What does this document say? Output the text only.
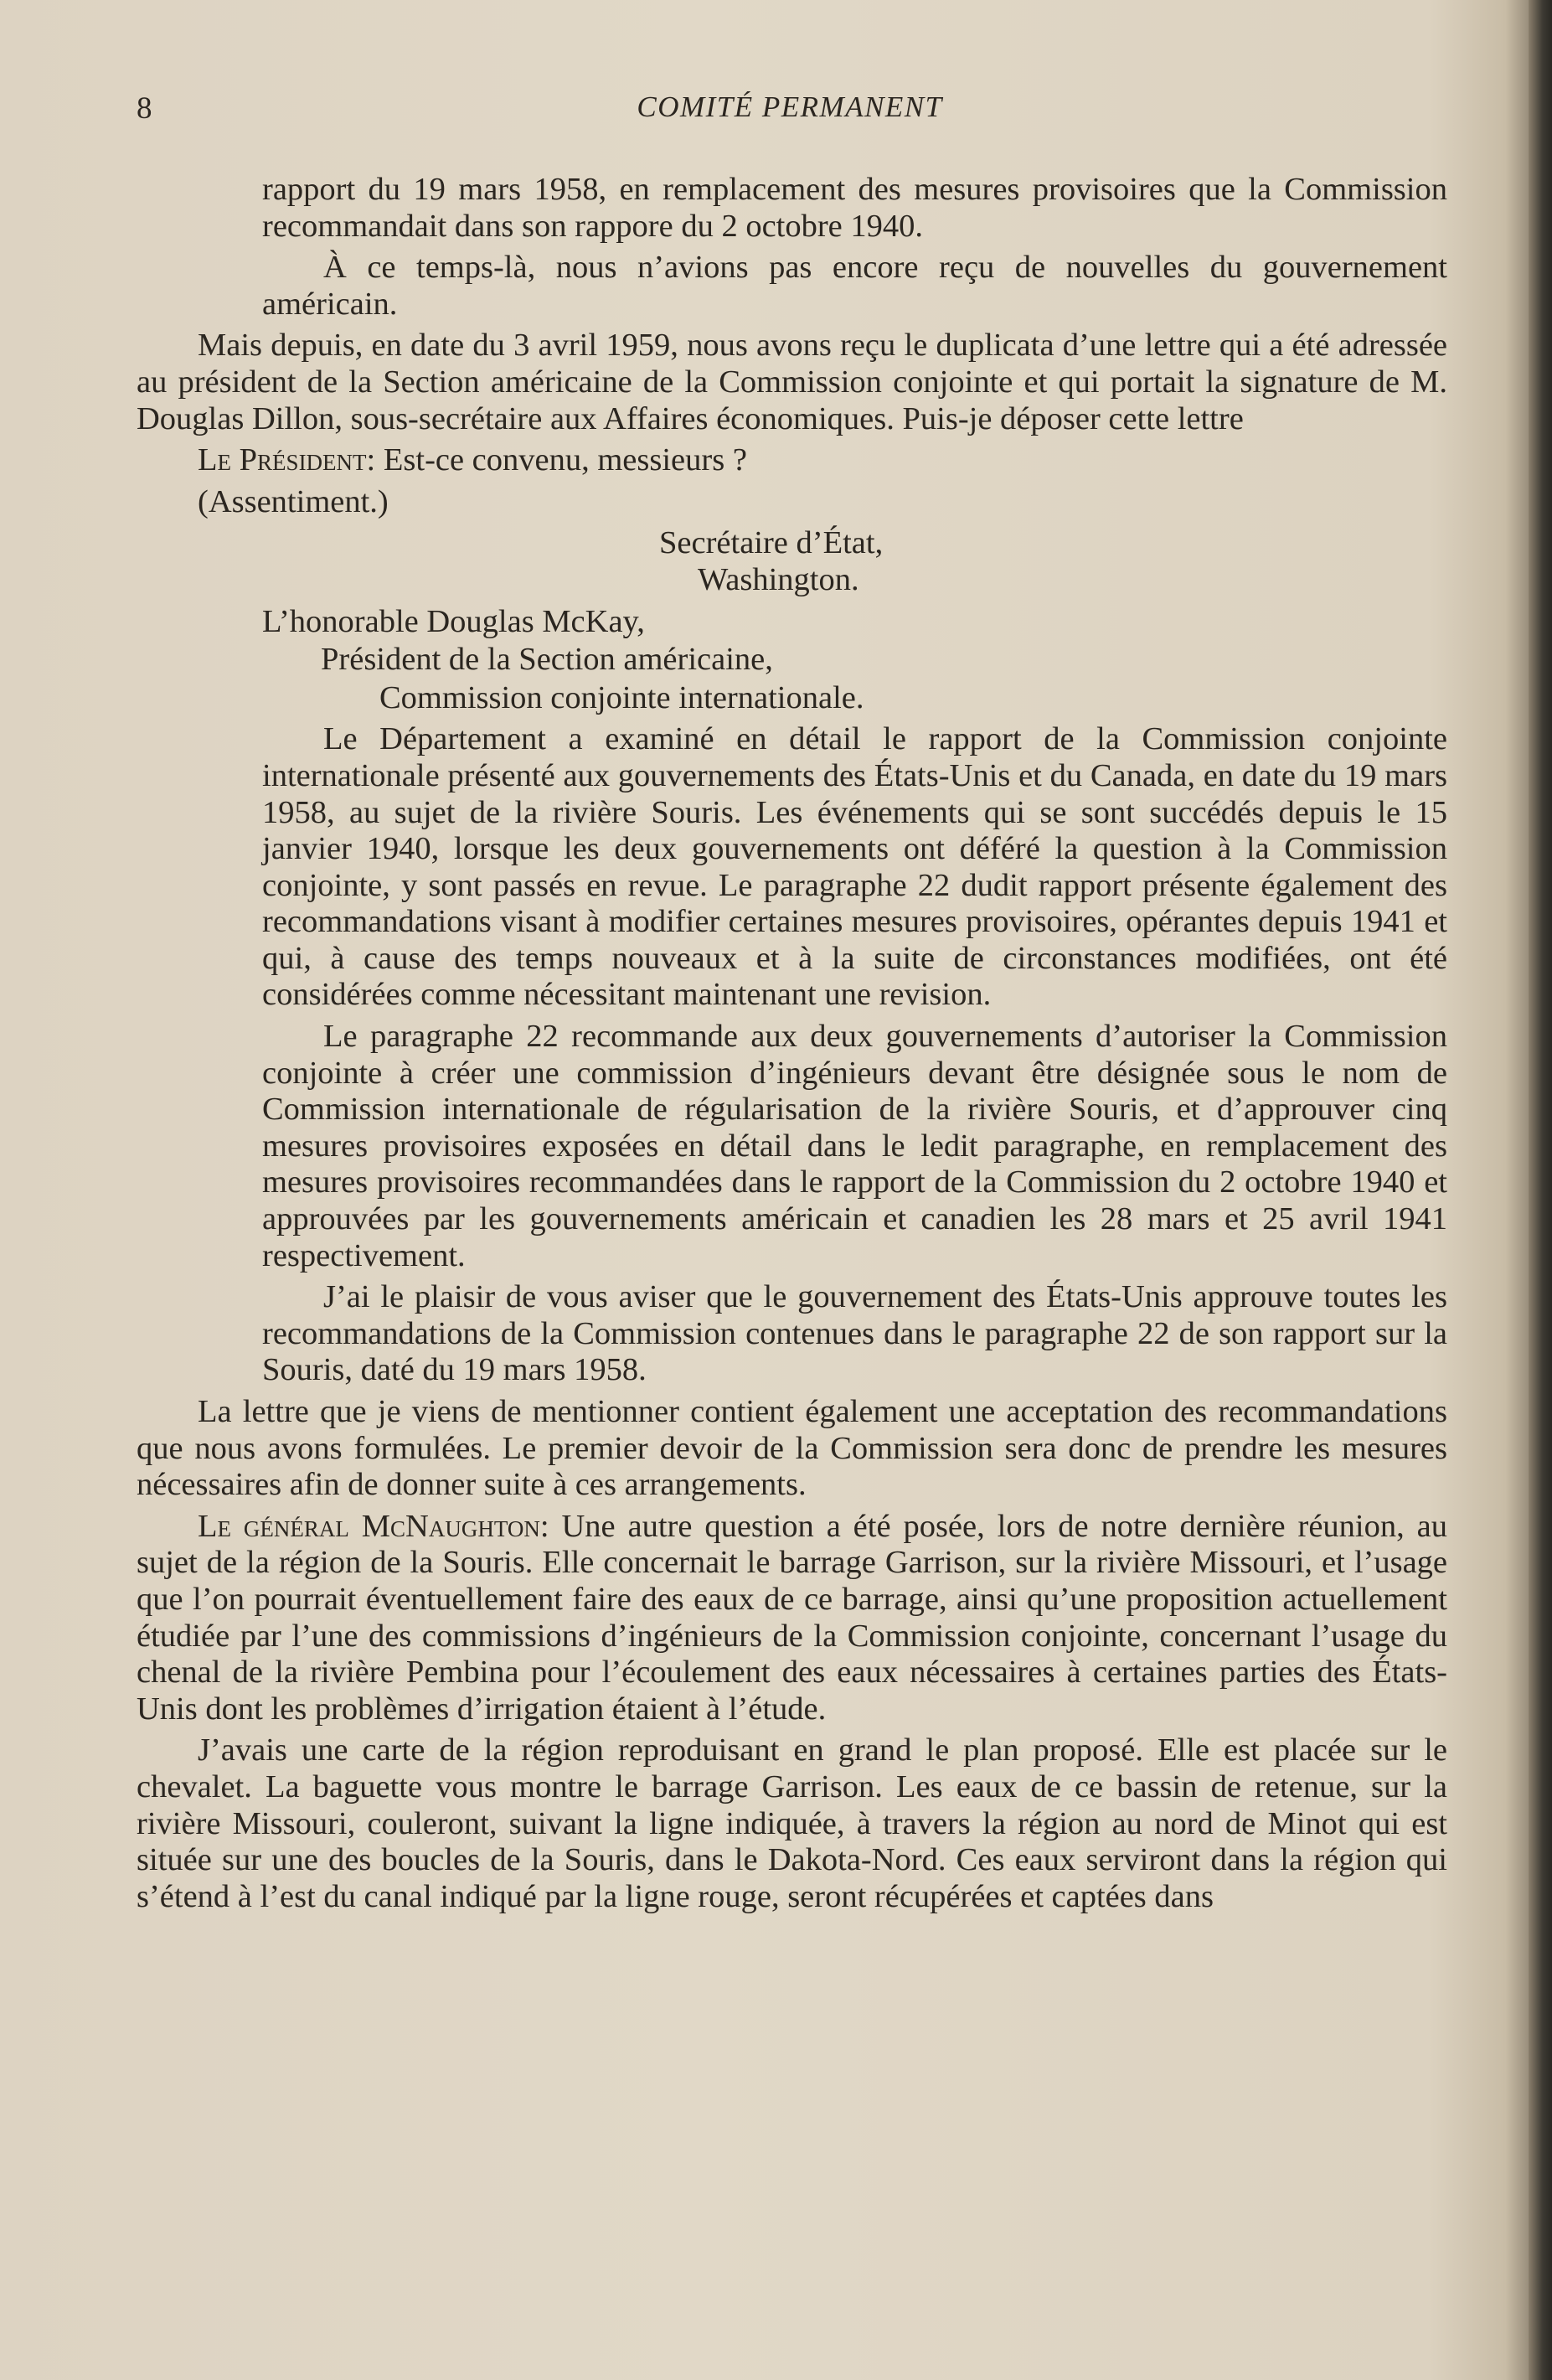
8	COMITÉ PERMANENT

rapport du 19 mars 1958, en remplacement des mesures provisoires que la Commission recommandait dans son rappore du 2 octobre 1940.

À ce temps-là, nous n’avions pas encore reçu de nouvelles du gouvernement américain.

Mais depuis, en date du 3 avril 1959, nous avons reçu le duplicata d’une lettre qui a été adressée au président de la Section américaine de la Commission conjointe et qui portait la signature de M. Douglas Dillon, sous-secrétaire aux Affaires économiques. Puis-je déposer cette lettre

Le Président: Est-ce convenu, messieurs ?

(Assentiment.)

Secrétaire d’État,

Washington.

L’honorable Douglas McKay,

Président de la Section américaine,

Commission conjointe internationale.

Le Département a examiné en détail le rapport de la Commission conjointe internationale présenté aux gouvernements des États-Unis et du Canada, en date du 19 mars 1958, au sujet de la rivière Souris. Les événements qui se sont succédés depuis le 15 janvier 1940, lorsque les deux gouvernements ont déféré la question à la Commission conjointe, y sont passés en revue. Le paragraphe 22 dudit rapport présente également des recommandations visant à modifier certaines mesures provisoires, opérantes depuis 1941 et qui, à cause des temps nouveaux et à la suite de circonstances modifiées, ont été considérées comme nécessitant maintenant une revision.

Le paragraphe 22 recommande aux deux gouvernements d’autoriser la Commission conjointe à créer une commission d’ingénieurs devant être désignée sous le nom de Commission internationale de régularisation de la rivière Souris, et d’approuver cinq mesures provisoires exposées en détail dans le ledit paragraphe, en remplacement des mesures provisoires recommandées dans le rapport de la Commission du 2 octobre 1940 et approuvées par les gouvernements américain et canadien les 28 mars et 25 avril 1941 respectivement.

J’ai le plaisir de vous aviser que le gouvernement des États-Unis approuve toutes les recommandations de la Commission contenues dans le paragraphe 22 de son rapport sur la Souris, daté du 19 mars 1958.

La lettre que je viens de mentionner contient également une acceptation des recommandations que nous avons formulées. Le premier devoir de la Commission sera donc de prendre les mesures nécessaires afin de donner suite à ces arrangements.

Le général McNaughton: Une autre question a été posée, lors de notre dernière réunion, au sujet de la région de la Souris. Elle concernait le barrage Garrison, sur la rivière Missouri, et l’usage que l’on pourrait éventuellement faire des eaux de ce barrage, ainsi qu’une proposition actuellement étudiée par l’une des commissions d’ingénieurs de la Commission conjointe, concernant l’usage du chenal de la rivière Pembina pour l’écoulement des eaux nécessaires à certaines parties des États-Unis dont les problèmes d’irrigation étaient à l’étude.

J’avais une carte de la région reproduisant en grand le plan proposé. Elle est placée sur le chevalet. La baguette vous montre le barrage Garrison. Les eaux de ce bassin de retenue, sur la rivière Missouri, couleront, suivant la ligne indiquée, à travers la région au nord de Minot qui est située sur une des boucles de la Souris, dans le Dakota-Nord. Ces eaux serviront dans la région qui s’étend à l’est du canal indiqué par la ligne rouge, seront récupérées et captées dans
